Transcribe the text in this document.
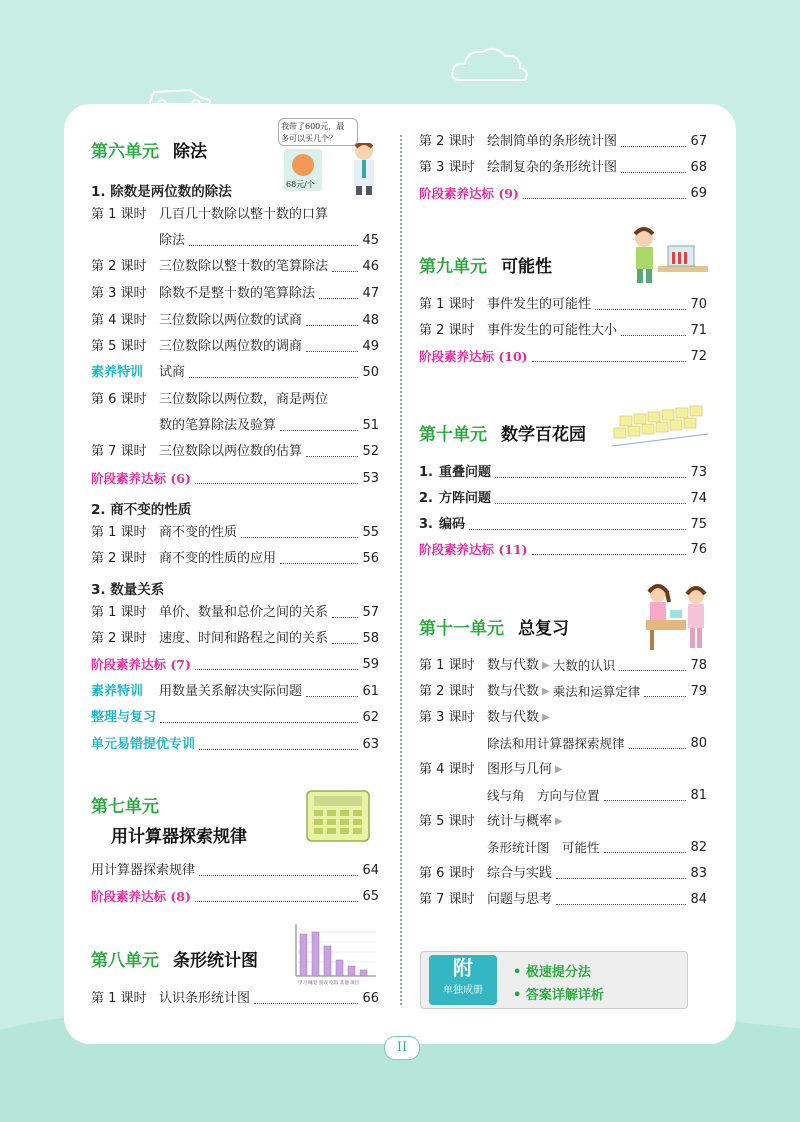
第六单元 除法
我带了600元，最
多可以买几个？
68元/个
1. 除数是两位数的除法
第 1 课时 几百几十数除以整十数的口算
除法	45
第 2 课时 三位数除以整十数的笔算除法	46
第 3 课时 除数不是整十数的笔算除法	47
第 4 课时 三位数除以两位数的试商	48
第 5 课时 三位数除以两位数的调商	49
素养特训	试商	50
第 6 课时 三位数除以两位数，商是两位
数的笔算除法及验算	51
第 7 课时 三位数除以两位数的估算	52
阶段素养达标 (6)	53
2. 商不变的性质
第 1 课时 商不变的性质	55
第 2 课时 商不变的性质的应用	56
3. 数量关系
第 1 课时 单价、数量和总价之间的关系	57
第 2 课时 速度、时间和路程之间的关系	58
阶段素养达标 (7)	59
素养特训	用数量关系解决实际问题	61
整理与复习	62
单元易错提优专训	63
第七单元
用计算器探索规律
用计算器探索规律	64
阶段素养达标 (8)	65
第八单元 条形统计图
学习 睡觉 游戏 吃饭 其他 项目
第 1 课时 认识条形统计图	66
第 2 课时 绘制简单的条形统计图	67
第 3 课时 绘制复杂的条形统计图	68
阶段素养达标 (9)	69
第九单元 可能性
第 1 课时 事件发生的可能性	70
第 2 课时 事件发生的可能性大小	71
阶段素养达标 (10)	72
第十单元 数学百花园
1. 重叠问题	73
2. 方阵问题	74
3. 编码	75
阶段素养达标 (11)	76
第十一单元 总复习
第 1 课时 数与代数 ▶ 大数的认识	78
第 2 课时 数与代数 ▶ 乘法和运算定律	79
第 3 课时 数与代数 ▶
除法和用计算器探索规律	80
第 4 课时 图形与几何 ▶
线与角　方向与位置	81
第 5 课时 统计与概率 ▶
条形统计图　可能性	82
第 6 课时 综合与实践	83
第 7 课时 问题与思考	84
附
单独成册
• 极速提分法
• 答案详解详析
II
